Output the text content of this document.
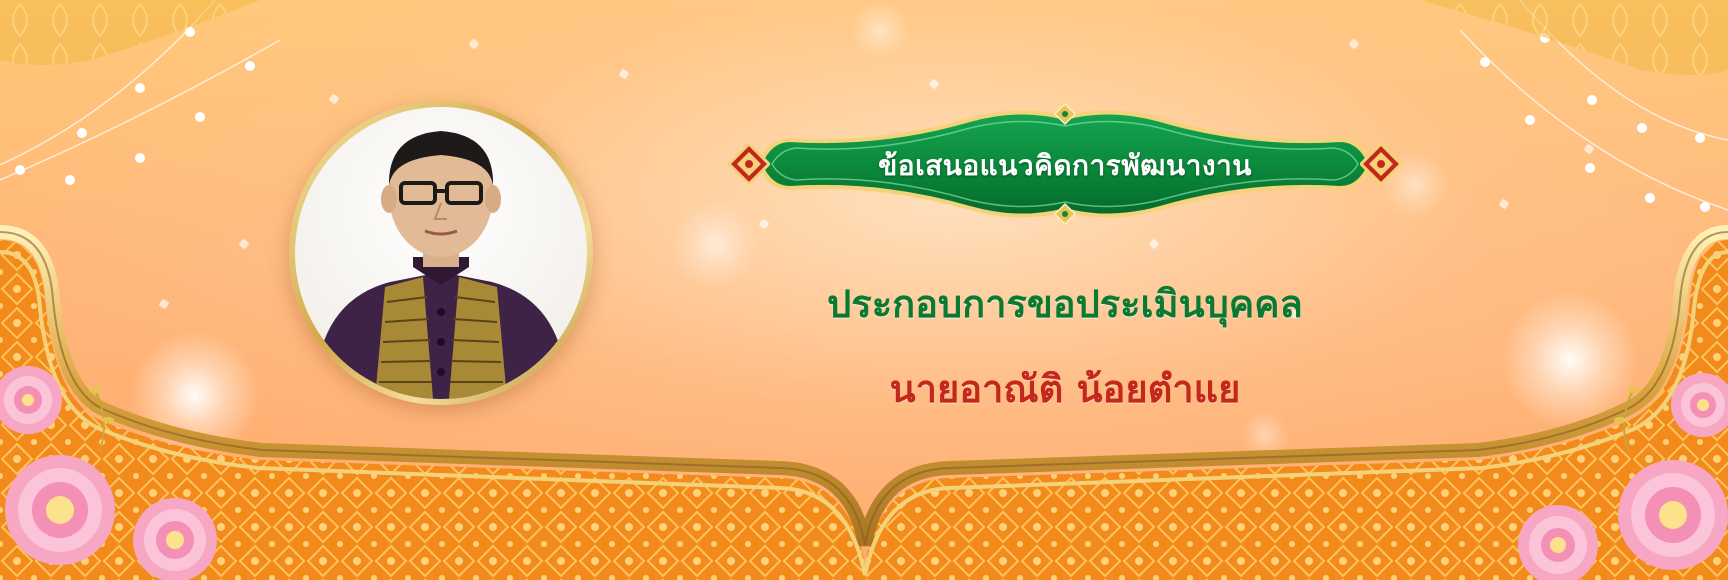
ข้อเสนอแนวคิดการพัฒนางาน
ประกอบการขอประเมินบุคคล
นายอาณัติ น้อยตำแย
